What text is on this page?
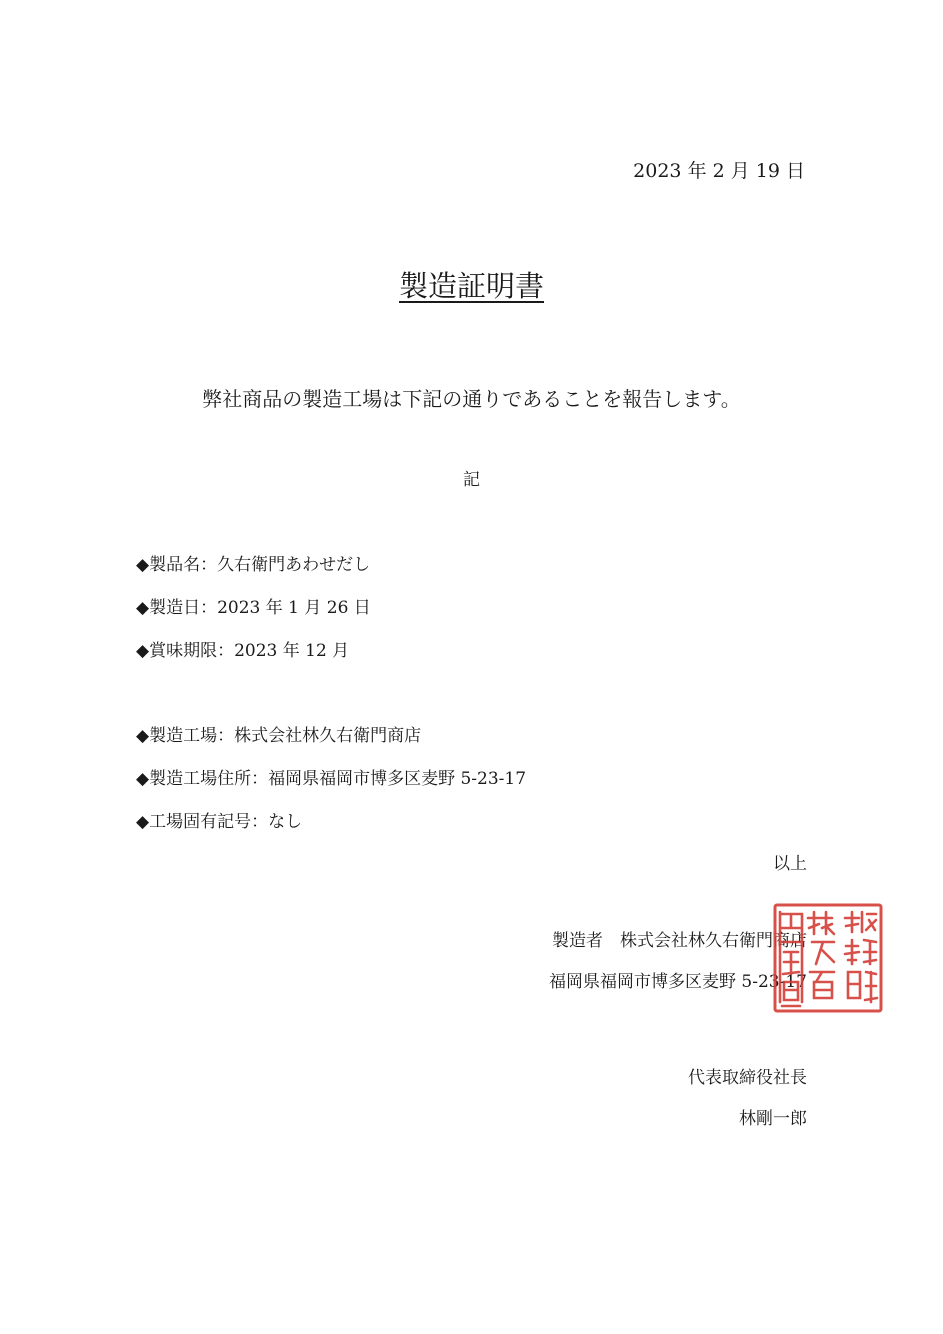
2023 年 2 月 19 日
製造証明書
弊社商品の製造工場は下記の通りであることを報告します。
記
◆製品名：久右衛門あわせだし
◆製造日：2023 年 1 月 26 日
◆賞味期限：2023 年 12 月
◆製造工場：株式会社林久右衛門商店
◆製造工場住所：福岡県福岡市博多区麦野 5-23-17
◆工場固有記号：なし
以上
製造者　株式会社林久右衛門商店
福岡県福岡市博多区麦野 5-23-17
代表取締役社長
林剛一郎
